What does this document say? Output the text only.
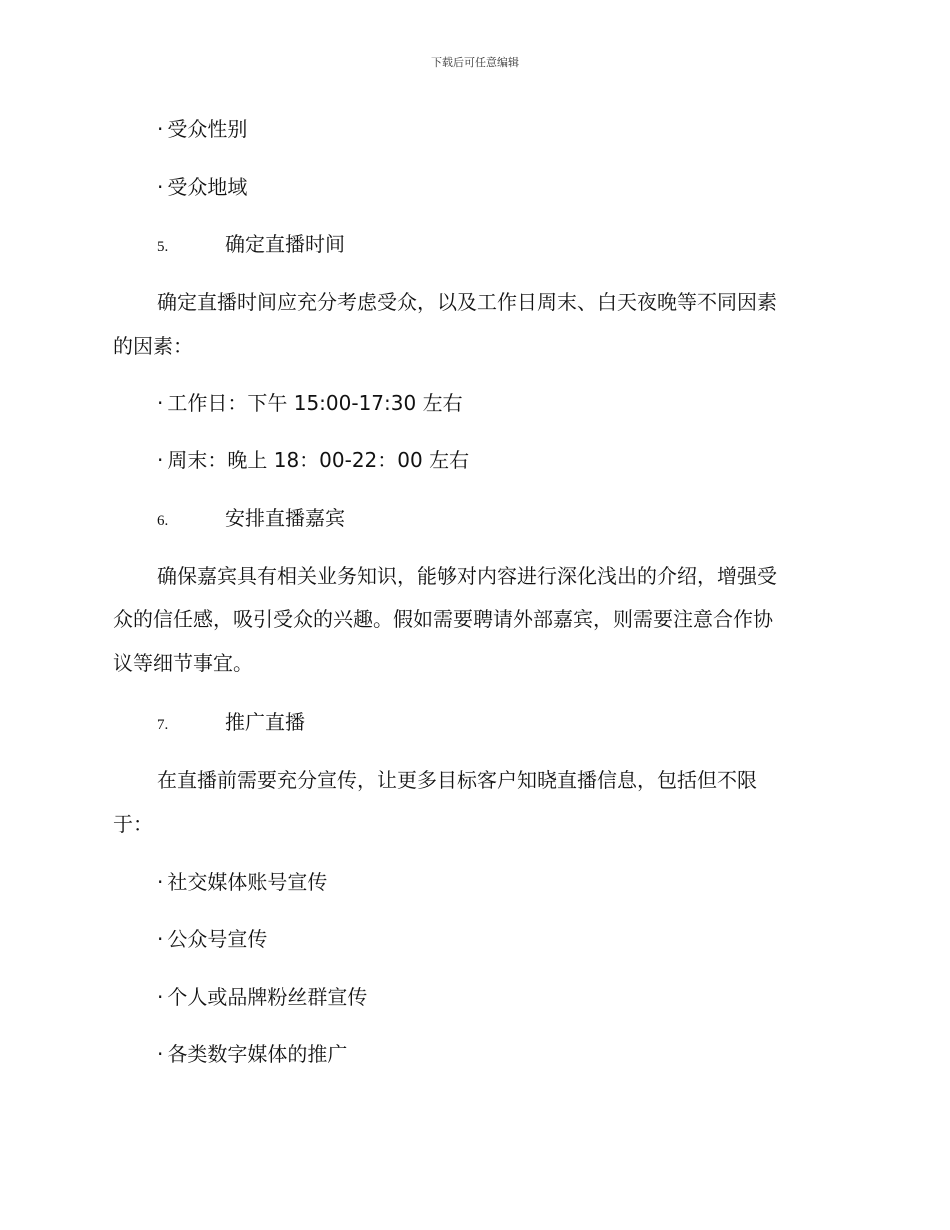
下载后可任意编辑
· 受众性别
· 受众地域
5.	确定直播时间
确定直播时间应充分考虑受众，以及工作日周末、白天夜晚等不同因素
的因素：
· 工作日：下午 15:00-17:30 左右
· 周末：晚上 18：00-22：00 左右
6.	安排直播嘉宾
确保嘉宾具有相关业务知识，能够对内容进行深化浅出的介绍，增强受
众的信任感，吸引受众的兴趣。假如需要聘请外部嘉宾，则需要注意合作协
议等细节事宜。
7.	推广直播
在直播前需要充分宣传，让更多目标客户知晓直播信息，包括但不限
于：
· 社交媒体账号宣传
· 公众号宣传
· 个人或品牌粉丝群宣传
· 各类数字媒体的推广
